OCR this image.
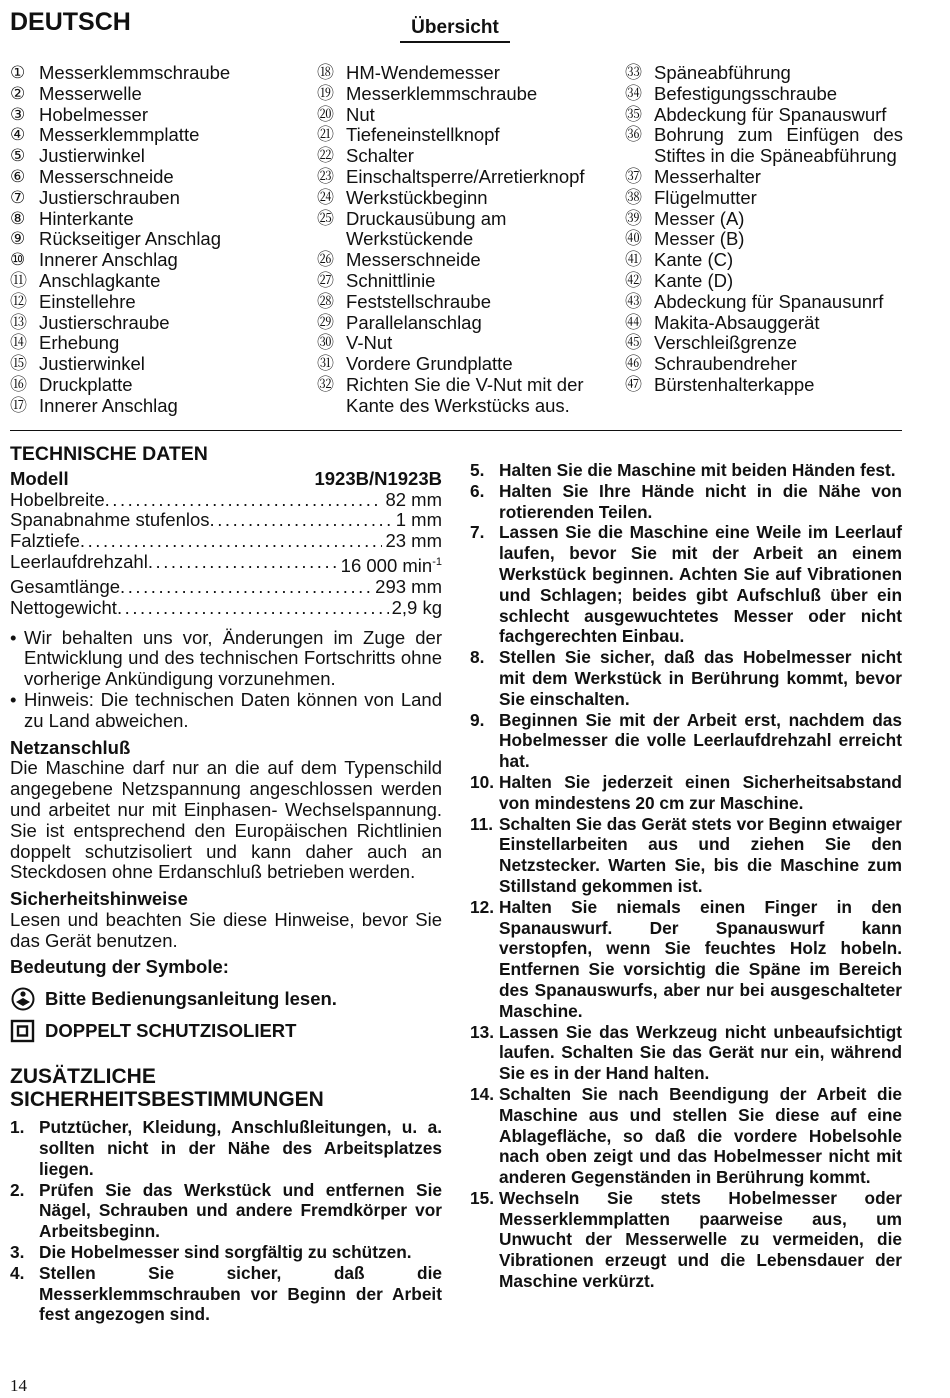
DEUTSCH	Übersicht
① Messerklemmschraube
② Messerwelle
③ Hobelmesser
④ Messerklemmplatte
⑤ Justierwinkel
⑥ Messerschneide
⑦ Justierschrauben
⑧ Hinterkante
⑨ Rückseitiger Anschlag
⑩ Innerer Anschlag
⑪ Anschlagkante
⑫ Einstellehre
⑬ Justierschraube
⑭ Erhebung
⑮ Justierwinkel
⑯ Druckplatte
⑰ Innerer Anschlag
⑱ HM-Wendemesser
⑲ Messerklemmschraube
⑳ Nut
㉑ Tiefeneinstellknopf
㉒ Schalter
㉓ Einschaltsperre/Arretierknopf
㉔ Werkstückbeginn
㉕ Druckausübung am Werkstückende
㉖ Messerschneide
㉗ Schnittlinie
㉘ Feststellschraube
㉙ Parallelanschlag
㉚ V-Nut
㉛ Vordere Grundplatte
㉜ Richten Sie die V-Nut mit der Kante des Werkstücks aus.
㉝ Späneabführung
㉞ Befestigungsschraube
㉟ Abdeckung für Spanauswurf
㊱ Bohrung zum Einfügen des
Stiftes in die Späneabführung
㊲ Messerhalter
㊳ Flügelmutter
㊴ Messer (A)
㊵ Messer (B)
㊶ Kante (C)
㊷ Kante (D)
㊸ Abdeckung für Spanausunrf
㊹ Makita-Absauggerät
㊺ Verschleißgrenze
㊻ Schraubendreher
㊼ Bürstenhalterkappe
TECHNISCHE DATEN
Modell	1923B/N1923B
Hobelbreite . . .	82 mm
Spanabnahme stufenlos . . .	1 mm
Falztiefe . . .	23 mm
Leerlaufdrehzahl . . .	16 000 $\min^{-1}$
Gesamtlänge . . .	293 mm
Nettogewicht . . .	2,9 kg
• Wir behalten uns vor, Änderungen im Zuge der Entwicklung und des technischen Fortschritts ohne vorherige Ankündigung vorzunehmen.
• Hinweis: Die technischen Daten können von Land zu Land abweichen.
Netzanschluß
Die Maschine darf nur an die auf dem Typenschild angegebene Netzspannung angeschlossen werden und arbeitet nur mit Einphasen- Wechselspannung. Sie ist entsprechend den Europäischen Richtlinien doppelt schutzisoliert und kann daher auch an Steckdosen ohne Erdanschluß betrieben werden.
Sicherheitshinweise
Lesen und beachten Sie diese Hinweise, bevor Sie das Gerät benutzen.
Bedeutung der Symbole:
Bitte Bedienungsanleitung lesen.
DOPPELT SCHUTZISOLIERT
ZUSÄTZLICHE
SICHERHEITSBESTIMMUNGEN
1. Putztücher, Kleidung, Anschlußleitungen, u. a. sollten nicht in der Nähe des Arbeitsplatzes liegen.
2. Prüfen Sie das Werkstück und entfernen Sie Nägel, Schrauben und andere Fremdkörper vor Arbeitsbeginn.
3. Die Hobelmesser sind sorgfältig zu schützen.
4. Stellen Sie sicher, daß die Messerklemmschrauben vor Beginn der Arbeit fest angezogen sind.
5. Halten Sie die Maschine mit beiden Händen fest.
6. Halten Sie Ihre Hände nicht in die Nähe von rotierenden Teilen.
7. Lassen Sie die Maschine eine Weile im Leerlauf laufen, bevor Sie mit der Arbeit an einem Werkstück beginnen. Achten Sie auf Vibrationen und Schlagen; beides gibt Aufschluß über ein schlecht ausgewuchtetes Messer oder nicht fachgerechten Einbau.
8. Stellen Sie sicher, daß das Hobelmesser nicht mit dem Werkstück in Berührung kommt, bevor Sie einschalten.
9. Beginnen Sie mit der Arbeit erst, nachdem das Hobelmesser die volle Leerlaufdrehzahl erreicht hat.
10. Halten Sie jederzeit einen Sicherheitsabstand von mindestens 20 cm zur Maschine.
11. Schalten Sie das Gerät stets vor Beginn etwaiger Einstellarbeiten aus und ziehen Sie den Netzstecker. Warten Sie, bis die Maschine zum Stillstand gekommen ist.
12. Halten Sie niemals einen Finger in den Spanauswurf. Der Spanauswurf kann verstopfen, wenn Sie feuchtes Holz hobeln. Entfernen Sie vorsichtig die Späne im Bereich des Spanauswurfs, aber nur bei ausgeschalteter Maschine.
13. Lassen Sie das Werkzeug nicht unbeaufsichtigt laufen. Schalten Sie das Gerät nur ein, während Sie es in der Hand halten.
14. Schalten Sie nach Beendigung der Arbeit die Maschine aus und stellen Sie diese auf eine Ablagefläche, so daß die vordere Hobelsohle nach oben zeigt und das Hobelmesser nicht mit anderen Gegenständen in Berührung kommt.
15. Wechseln Sie stets Hobelmesser oder Messerklemmplatten paarweise aus, um Unwucht der Messerwelle zu vermeiden, die Vibrationen erzeugt und die Lebensdauer der Maschine verkürzt.
14
